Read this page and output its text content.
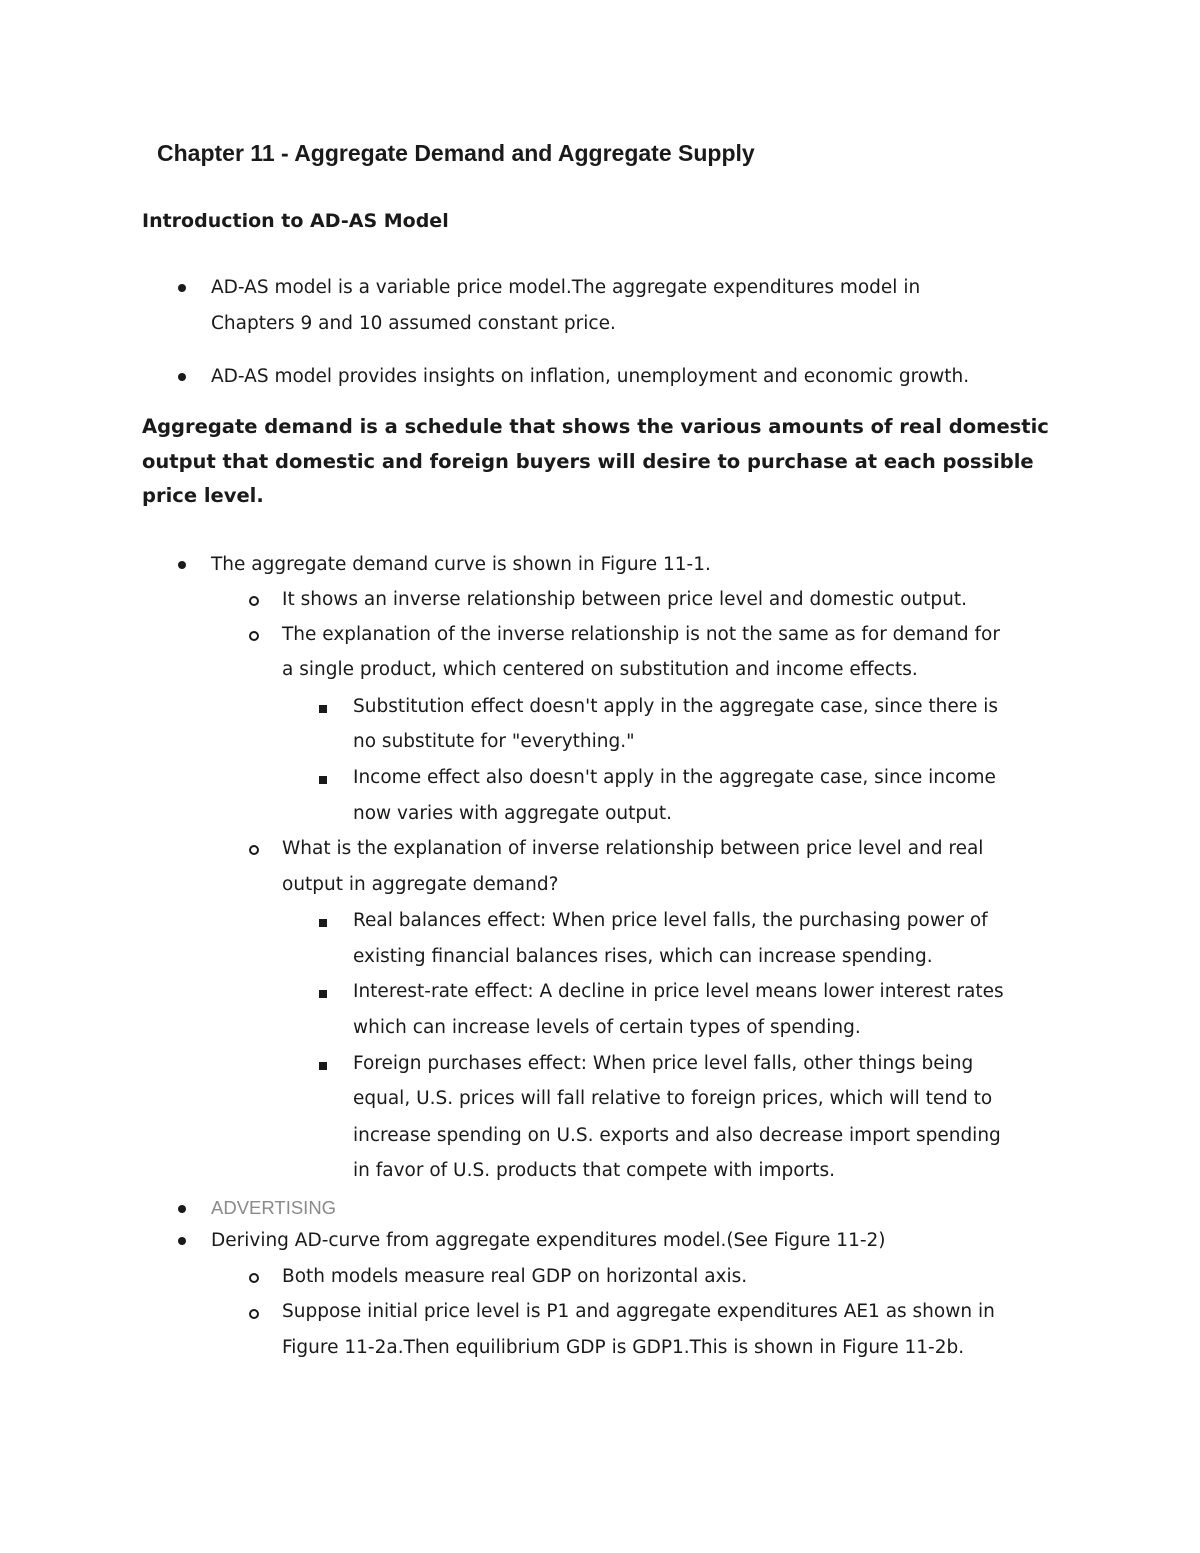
Chapter 11 - Aggregate Demand and Aggregate Supply
Introduction to AD-AS Model
AD-AS model is a variable price model.The aggregate expenditures model in
Chapters 9 and 10 assumed constant price.
AD-AS model provides insights on inflation, unemployment and economic growth.
Aggregate demand is a schedule that shows the various amounts of real domestic output that domestic and foreign buyers will desire to purchase at each possible price level.
The aggregate demand curve is shown in Figure 11-1.
It shows an inverse relationship between price level and domestic output.
The explanation of the inverse relationship is not the same as for demand for
a single product, which centered on substitution and income effects.
Substitution effect doesn't apply in the aggregate case, since there is
no substitute for "everything."
Income effect also doesn't apply in the aggregate case, since income
now varies with aggregate output.
What is the explanation of inverse relationship between price level and real
output in aggregate demand?
Real balances effect: When price level falls, the purchasing power of
existing financial balances rises, which can increase spending.
Interest-rate effect: A decline in price level means lower interest rates
which can increase levels of certain types of spending.
Foreign purchases effect: When price level falls, other things being
equal, U.S. prices will fall relative to foreign prices, which will tend to
increase spending on U.S. exports and also decrease import spending
in favor of U.S. products that compete with imports.
ADVERTISING
Deriving AD-curve from aggregate expenditures model.(See Figure 11-2)
Both models measure real GDP on horizontal axis.
Suppose initial price level is P1 and aggregate expenditures AE1 as shown in
Figure 11-2a.Then equilibrium GDP is GDP1.This is shown in Figure 11-2b.
